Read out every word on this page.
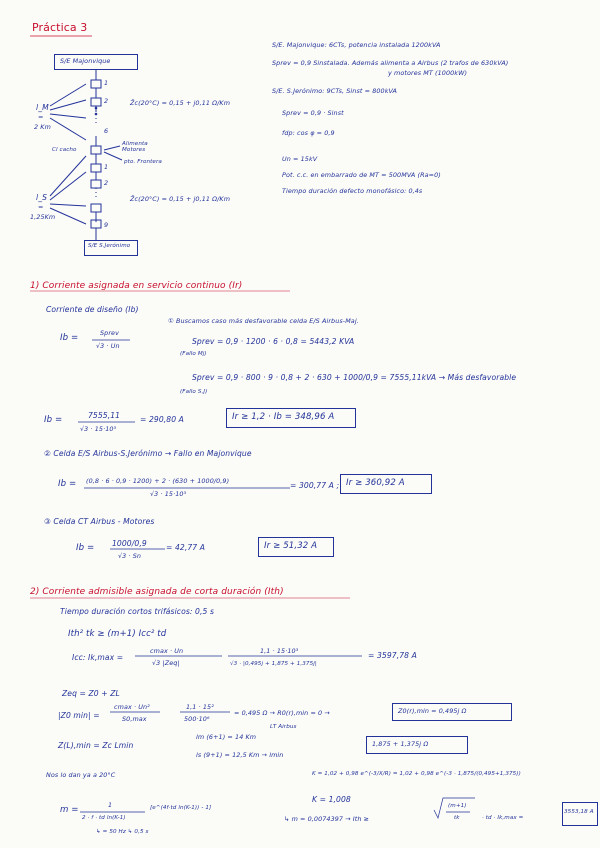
Práctica 3
S/E Majonvique
S/E S.Jerónimo
1
2
6
1
2
9
l_M
=
2 Km
l_S
=
1,25Km
Cl cacho
Alimenta Motores
pto. Frontera
Z̄c(20°C) = 0,15 + j0,11 Ω/Km
Z̄c(20°C) = 0,15 + j0,11 Ω/Km
S/E. Majonvique: 6CTs, potencia instalada 1200kVA
Sprev = 0,9 Sinstalada. Además alimenta a Airbus (2 trafos de 630kVA)
y motores MT (1000kW)
S/E. S.Jerónimo: 9CTs, Sinst = 800kVA
Sprev = 0,9 · Sinst
fdp: cos φ = 0,9
Un = 15kV
Pot. c.c. en embarrado de MT = 500MVA (Ra=0)
Tiempo duración defecto monofásico: 0,4s
1) Corriente asignada en servicio continuo (Ir)
Corriente de diseño (Ib)
Ib =	Sprev
√3 · Un
① Buscamos caso más desfavorable celda E/S Airbus-Maj.
Sprev = 0,9 · 1200 · 6 · 0,8 = 5443,2 KVA
(Fallo Mj)
Sprev = 0,9 · 800 · 9 · 0,8 + 2 · 630 + 1000/0,9 = 7555,11kVA → Más desfavorable
(Fallo S.J)
Ib =	7555,11
√3 · 15·10³
= 290,80 A	Ir ≥ 1,2 · Ib = 348,96 A
② Celda E/S Airbus-S.Jerónimo → Fallo en Majonvique
Ib = (0,8 · 6 · 0,9 · 1200) + 2 · (630 + 1000/0,9)
√3 · 15·10³
= 300,77 A ; Ir ≥ 360,92 A
③ Celda CT Airbus - Motores
Ib = 1000/0,9
√3 · Sn
= 42,77 A	Ir ≥ 51,32 A
2) Corriente admisible asignada de corta duración (Ith)
Tiempo duración cortos trifásicos: 0,5 s
Ith² tk ≥ (m+1) Icc² td
Icc: Ik,max =
cmax · Un
√3 |Zeq|
1,1 · 15·10³
√3 · |0,495j + 1,875 + 1,375j|
= 3597,78 A
Zeq = Z0 + ZL
|Z0 min| =
cmax · Un²
S0,max
1,1 · 15²
500·10⁶
= 0,495 Ω → R0(r),min = 0 →	Z0(r),min = 0,495j Ω
Z(L),min = Zc Lmin
LT Airbus
lm (6+1) = 14 Km
ls (9+1) = 12,5 Km → lmin
1,875 + 1,375j Ω
Nos lo dan ya a 20°C	K = 1,02 + 0,98 e^(-3/X/R) = 1,02 + 0,98 e^(-3 · 1,875/(0,495+1,375))
K = 1,008
m =	1
2 · f · td ln(K-1)
[e^(4f·td ln(K-1)) - 1]
↳ = 50 Hz ↳ 0,5 s
↳ m = 0,0074397 → Ith ≥
(m+1)
tk	· td · Ik,max =
3553,18 A
